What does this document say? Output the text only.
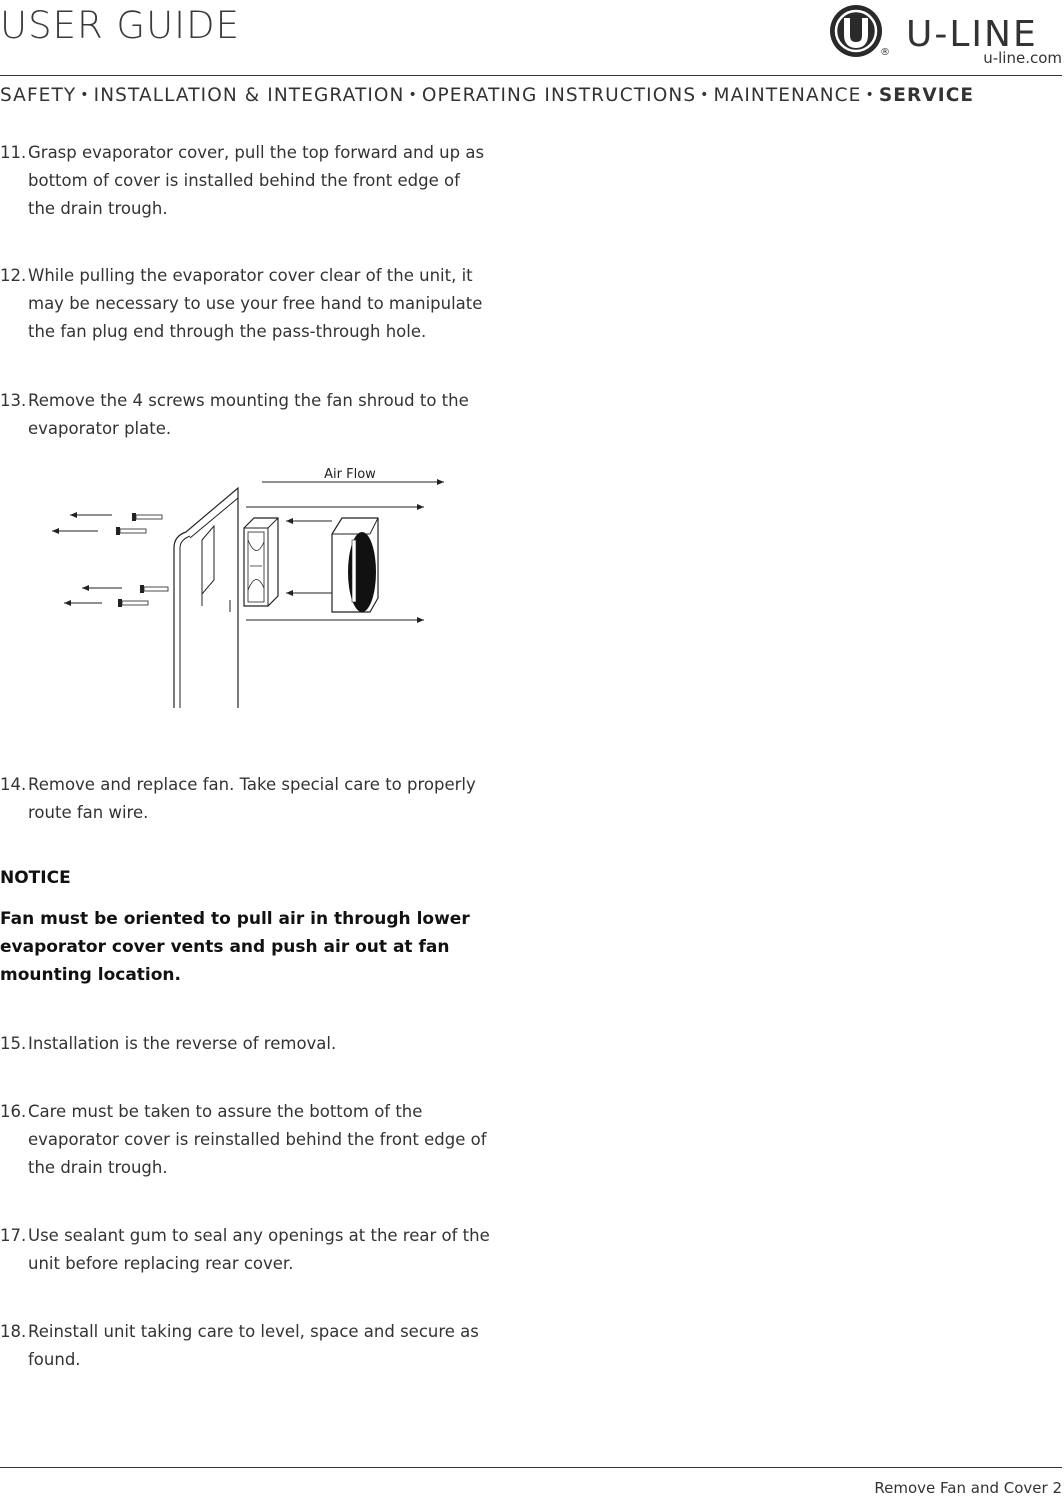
USER GUIDE
® U-LINE
u-line.com
SAFETY • INSTALLATION & INTEGRATION • OPERATING INSTRUCTIONS • MAINTENANCE • SERVICE
11. Grasp evaporator cover, pull the top forward and up as bottom of cover is installed behind the front edge of the drain trough.
12. While pulling the evaporator cover clear of the unit, it may be necessary to use your free hand to manipulate the fan plug end through the pass-through hole.
13. Remove the 4 screws mounting the fan shroud to the evaporator plate.
Air Flow
14. Remove and replace fan. Take special care to properly route fan wire.
NOTICE
Fan must be oriented to pull air in through lower evaporator cover vents and push air out at fan mounting location.
15. Installation is the reverse of removal.
16. Care must be taken to assure the bottom of the evaporator cover is reinstalled behind the front edge of the drain trough.
17. Use sealant gum to seal any openings at the rear of the unit before replacing rear cover.
18. Reinstall unit taking care to level, space and secure as found.
Remove Fan and Cover 2
